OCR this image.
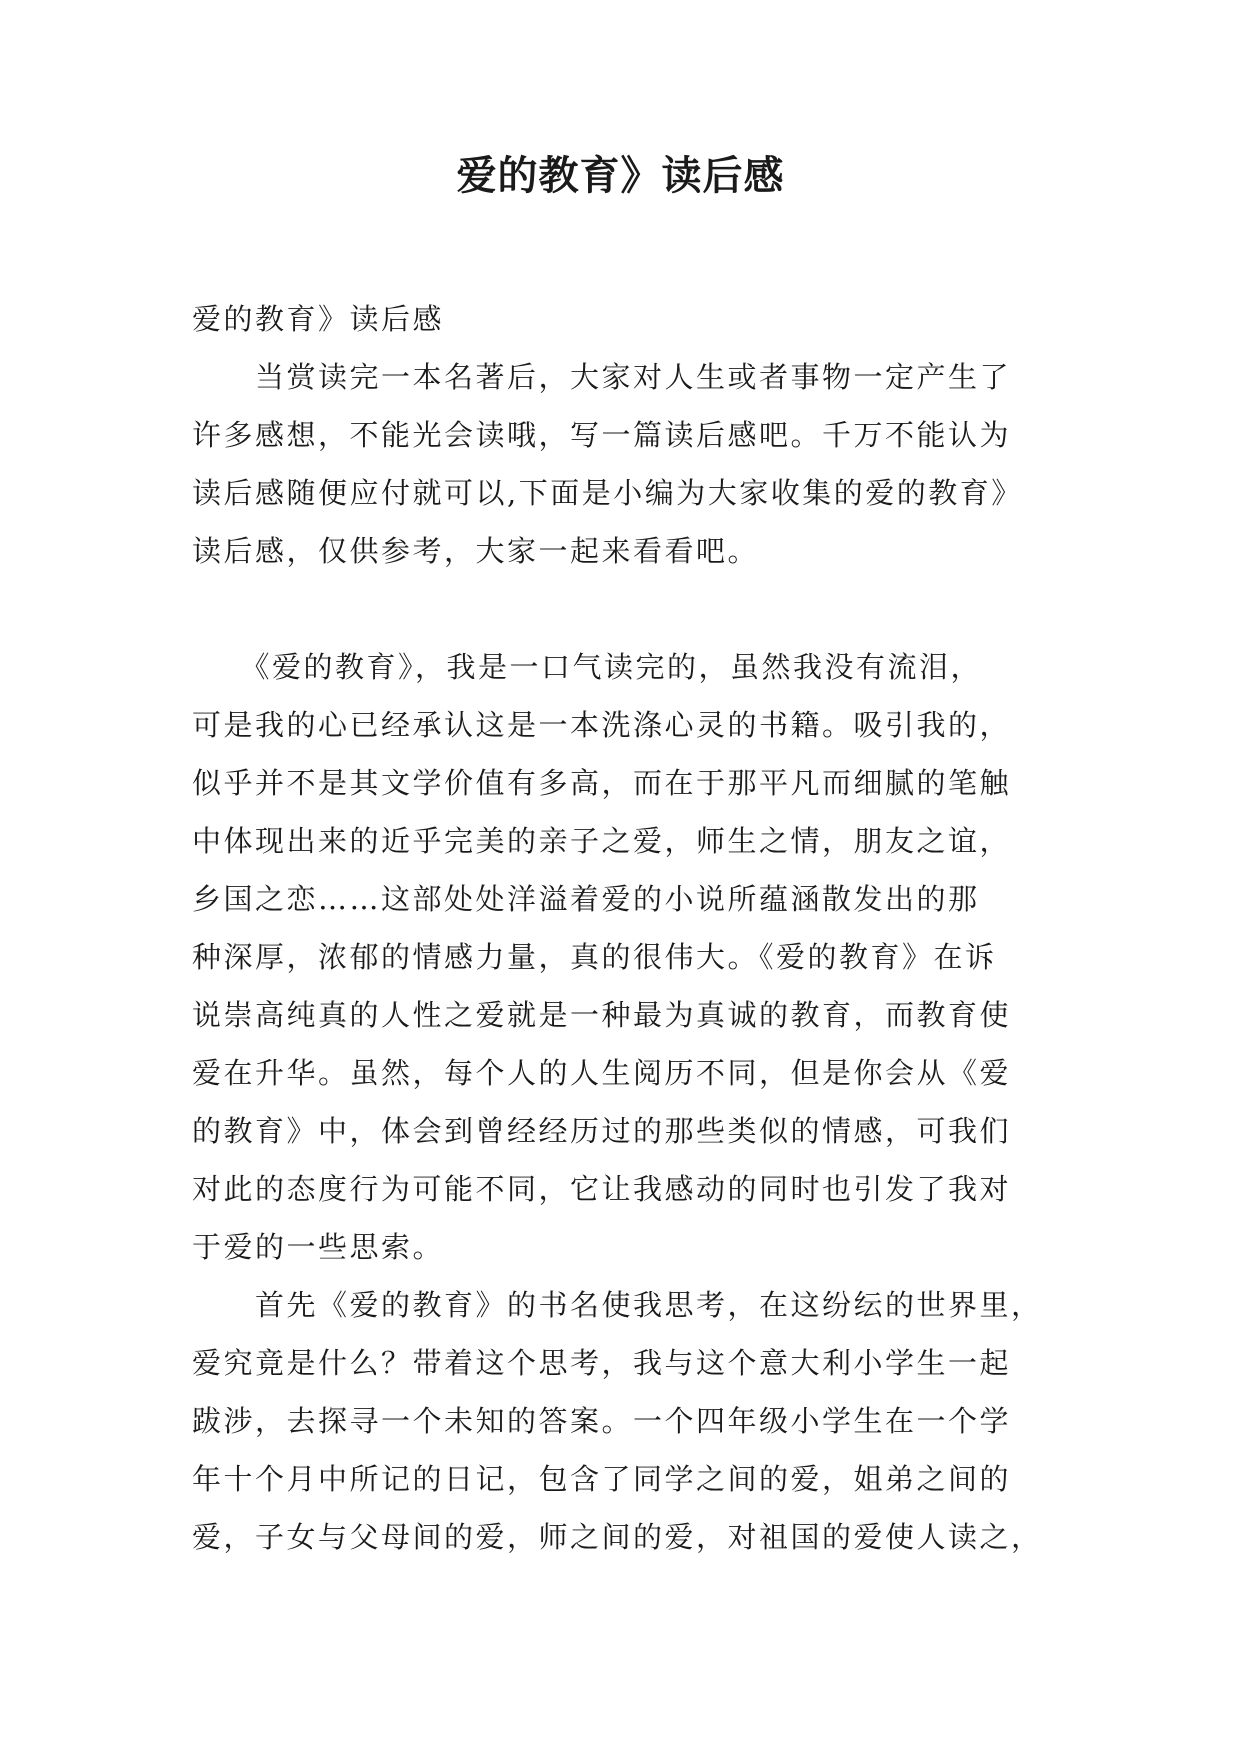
爱的教育》读后感

爱的教育》读后感

　　当赏读完一本名著后，大家对人生或者事物一定产生了

许多感想，不能光会读哦，写一篇读后感吧。千万不能认为

读后感随便应付就可以,下面是小编为大家收集的爱的教育》

读后感，仅供参考，大家一起来看看吧。

　　《爱的教育》，我是一口气读完的，虽然我没有流泪，

可是我的心已经承认这是一本洗涤心灵的书籍。吸引我的，

似乎并不是其文学价值有多高，而在于那平凡而细腻的笔触

中体现出来的近乎完美的亲子之爱，师生之情，朋友之谊，

乡国之恋……这部处处洋溢着爱的小说所蕴涵散发出的那

种深厚，浓郁的情感力量，真的很伟大。《爱的教育》在诉

说崇高纯真的人性之爱就是一种最为真诚的教育，而教育使

爱在升华。虽然，每个人的人生阅历不同，但是你会从《爱

的教育》中，体会到曾经经历过的那些类似的情感，可我们

对此的态度行为可能不同，它让我感动的同时也引发了我对

于爱的一些思索。

　　首先《爱的教育》的书名使我思考，在这纷纭的世界里，

爱究竟是什么？带着这个思考，我与这个意大利小学生一起

跋涉，去探寻一个未知的答案。一个四年级小学生在一个学

年十个月中所记的日记，包含了同学之间的爱，姐弟之间的

爱，子女与父母间的爱，师之间的爱，对祖国的爱使人读之，
